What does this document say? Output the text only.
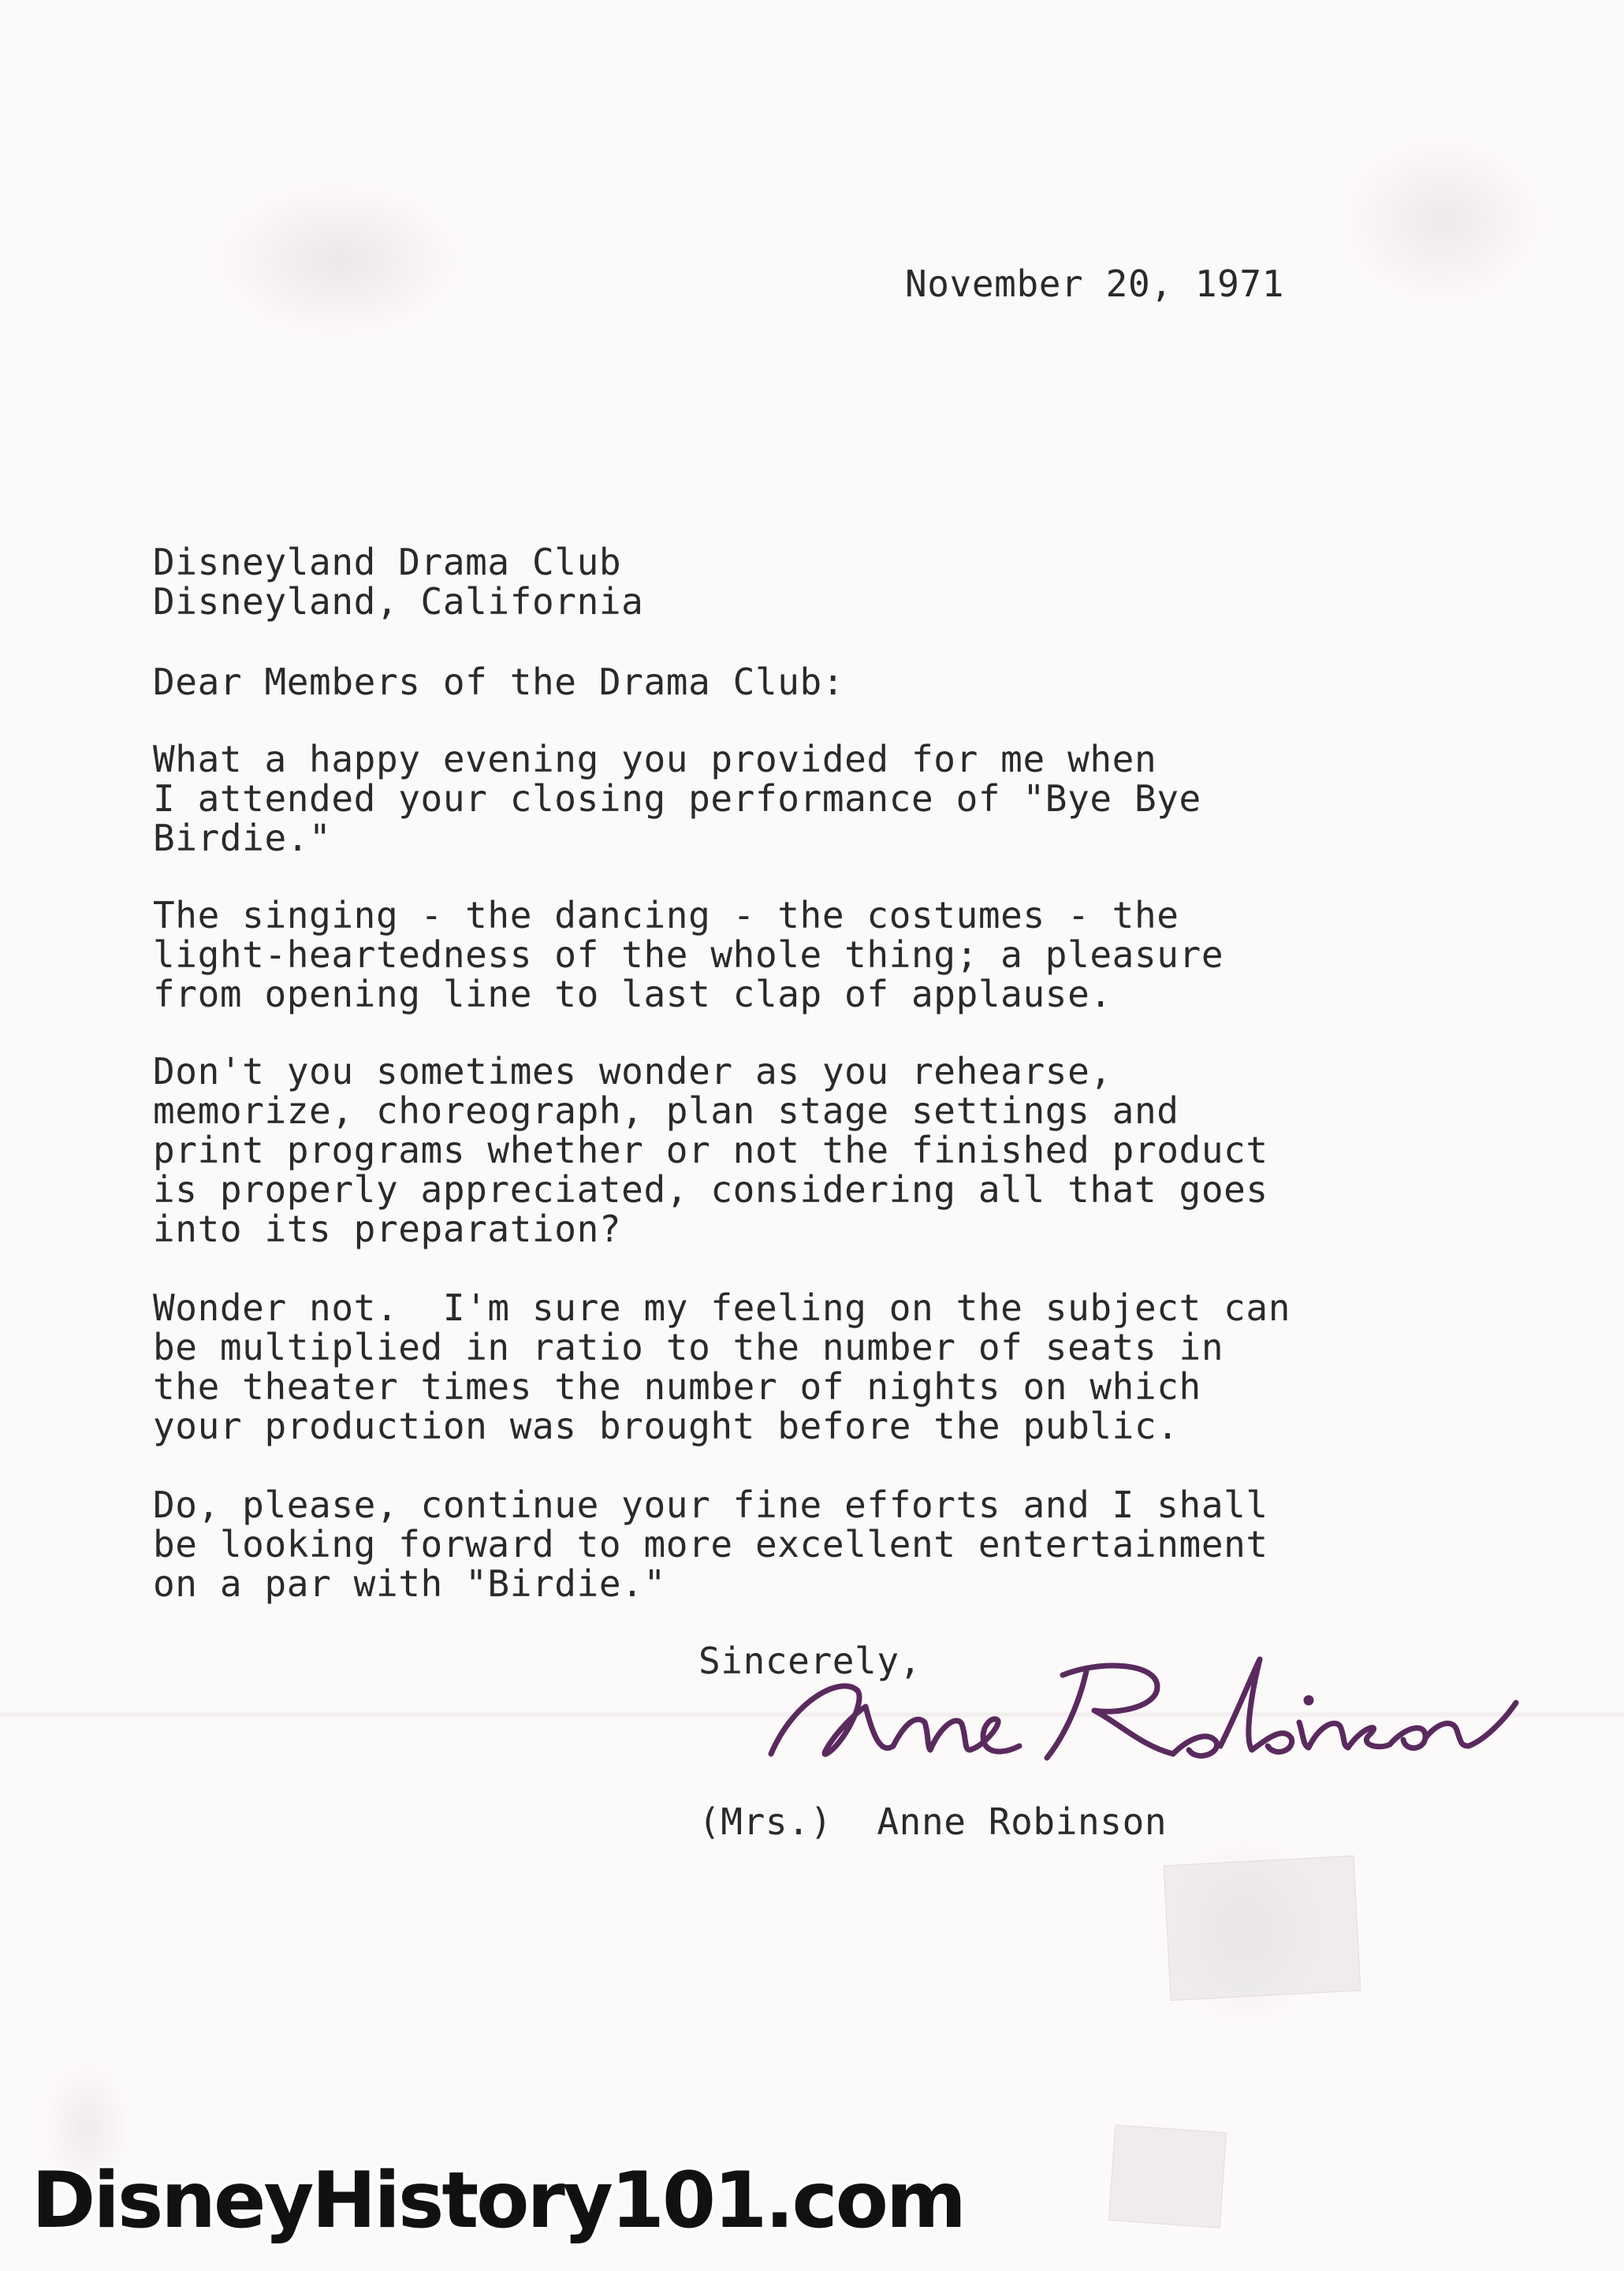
November 20, 1971
Disneyland Drama Club
Disneyland, California
Dear Members of the Drama Club:
What a happy evening you provided for me when
I attended your closing performance of "Bye Bye
Birdie."
The singing - the dancing - the costumes - the
light-heartedness of the whole thing; a pleasure
from opening line to last clap of applause.
Don't you sometimes wonder as you rehearse,
memorize, choreograph, plan stage settings and
print programs whether or not the finished product
is properly appreciated, considering all that goes
into its preparation?
Wonder not.  I'm sure my feeling on the subject can
be multiplied in ratio to the number of seats in
the theater times the number of nights on which
your production was brought before the public.
Do, please, continue your fine efforts and I shall
be looking forward to more excellent entertainment
on a par with "Birdie."
Sincerely,
(Mrs.)  Anne Robinson
DisneyHistory101.com
